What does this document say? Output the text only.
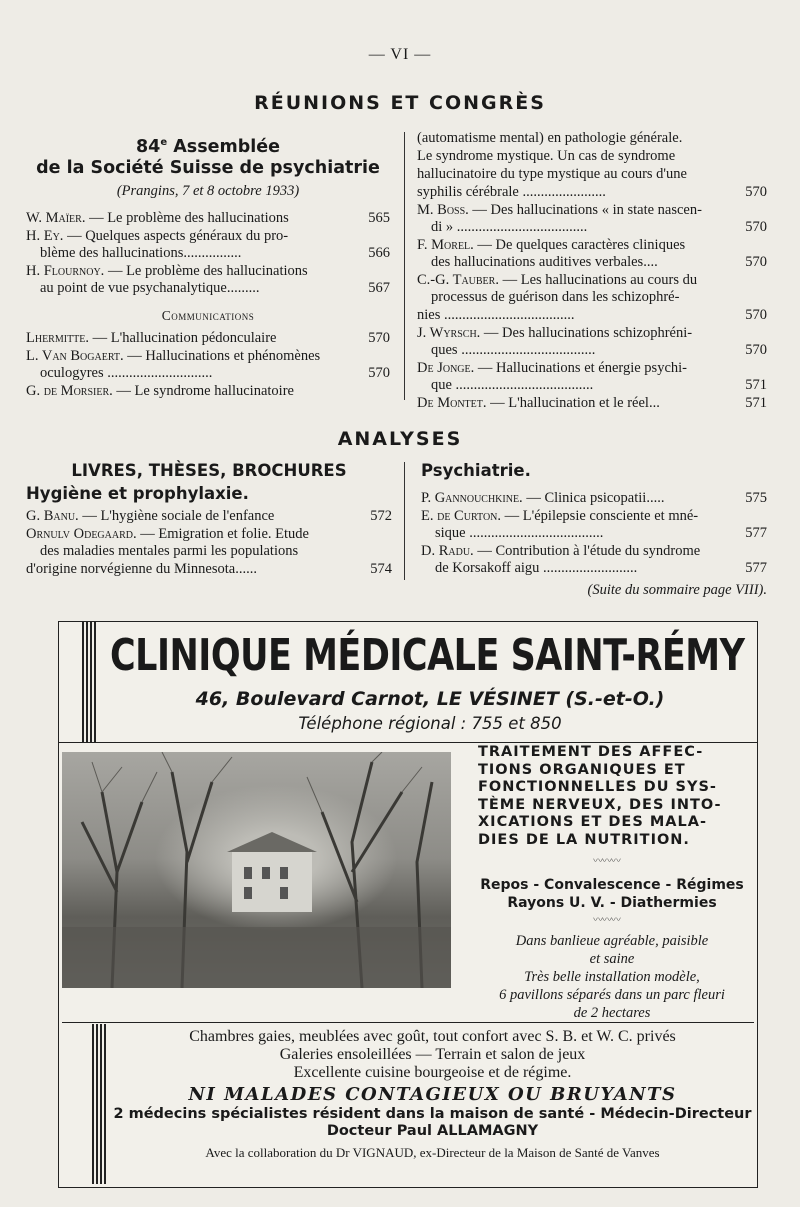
— VI —
RÉUNIONS ET CONGRÈS
84e Assemblée
de la Société Suisse de psychiatrie
(Prangins, 7 et 8 octobre 1933)
W. Maïer. — Le problème des hallucinations	565
H. Ey. — Quelques aspects généraux du pro-
blème des hallucinations................	566
H. Flournoy. — Le problème des hallucinations
au point de vue psychanalytique.........	567
Communications
Lhermitte. — L'hallucination pédonculaire	570
L. Van Bogaert. — Hallucinations et phénomènes
oculogyres .............................	570
G. de Morsier. — Le syndrome hallucinatoire
(automatisme mental) en pathologie générale.
Le syndrome mystique. Un cas de syndrome
hallucinatoire du type mystique au cours d'une
syphilis cérébrale .......................	570
M. Boss. — Des hallucinations « in state nascen-
di » ....................................	570
F. Morel. — De quelques caractères cliniques
des hallucinations auditives verbales....	570
C.-G. Tauber. — Les hallucinations au cours du
processus de guérison dans les schizophré-
nies ....................................	570
J. Wyrsch. — Des hallucinations schizophréni-
ques .....................................	570
De Jonge. — Hallucinations et énergie psychi-
que ......................................	571
De Montet. — L'hallucination et le réel...	571
ANALYSES
LIVRES, THÈSES, BROCHURES
Hygiène et prophylaxie.
G. Banu. — L'hygiène sociale de l'enfance	572
Ornulv Odegaard. — Emigration et folie. Etude
des maladies mentales parmi les populations
d'origine norvégienne du Minnesota......	574
Psychiatrie.
P. Gannouchkine. — Clinica psicopatii.....	575
E. de Curton. — L'épilepsie consciente et mné-
sique .....................................	577
D. Radu. — Contribution à l'étude du syndrome
de Korsakoff aigu ..........................	577
(Suite du sommaire page VIII).
CLINIQUE MÉDICALE SAINT-RÉMY
46, Boulevard Carnot, LE VÉSINET (S.-et-O.)
Téléphone régional : 755 et 850
TRAITEMENT DES AFFEC-
TIONS ORGANIQUES ET
FONCTIONNELLES DU SYS-
TÈME NERVEUX, DES INTO-
XICATIONS ET DES MALA-
DIES DE LA NUTRITION.
〰〰〰
Repos - Convalescence - Régimes
Rayons U. V. - Diathermies
〰〰〰
Dans banlieue agréable, paisible
et saine
Très belle installation modèle,
6 pavillons séparés dans un parc fleuri
de 2 hectares
Chambres gaies, meublées avec goût, tout confort avec S. B. et W. C. privés
Galeries ensoleillées — Terrain et salon de jeux
Excellente cuisine bourgeoise et de régime.
NI MALADES CONTAGIEUX OU BRUYANTS
2 médecins spécialistes résident dans la maison de santé - Médecin-Directeur
Docteur Paul ALLAMAGNY
Avec la collaboration du Dr VIGNAUD, ex-Directeur de la Maison de Santé de Vanves
